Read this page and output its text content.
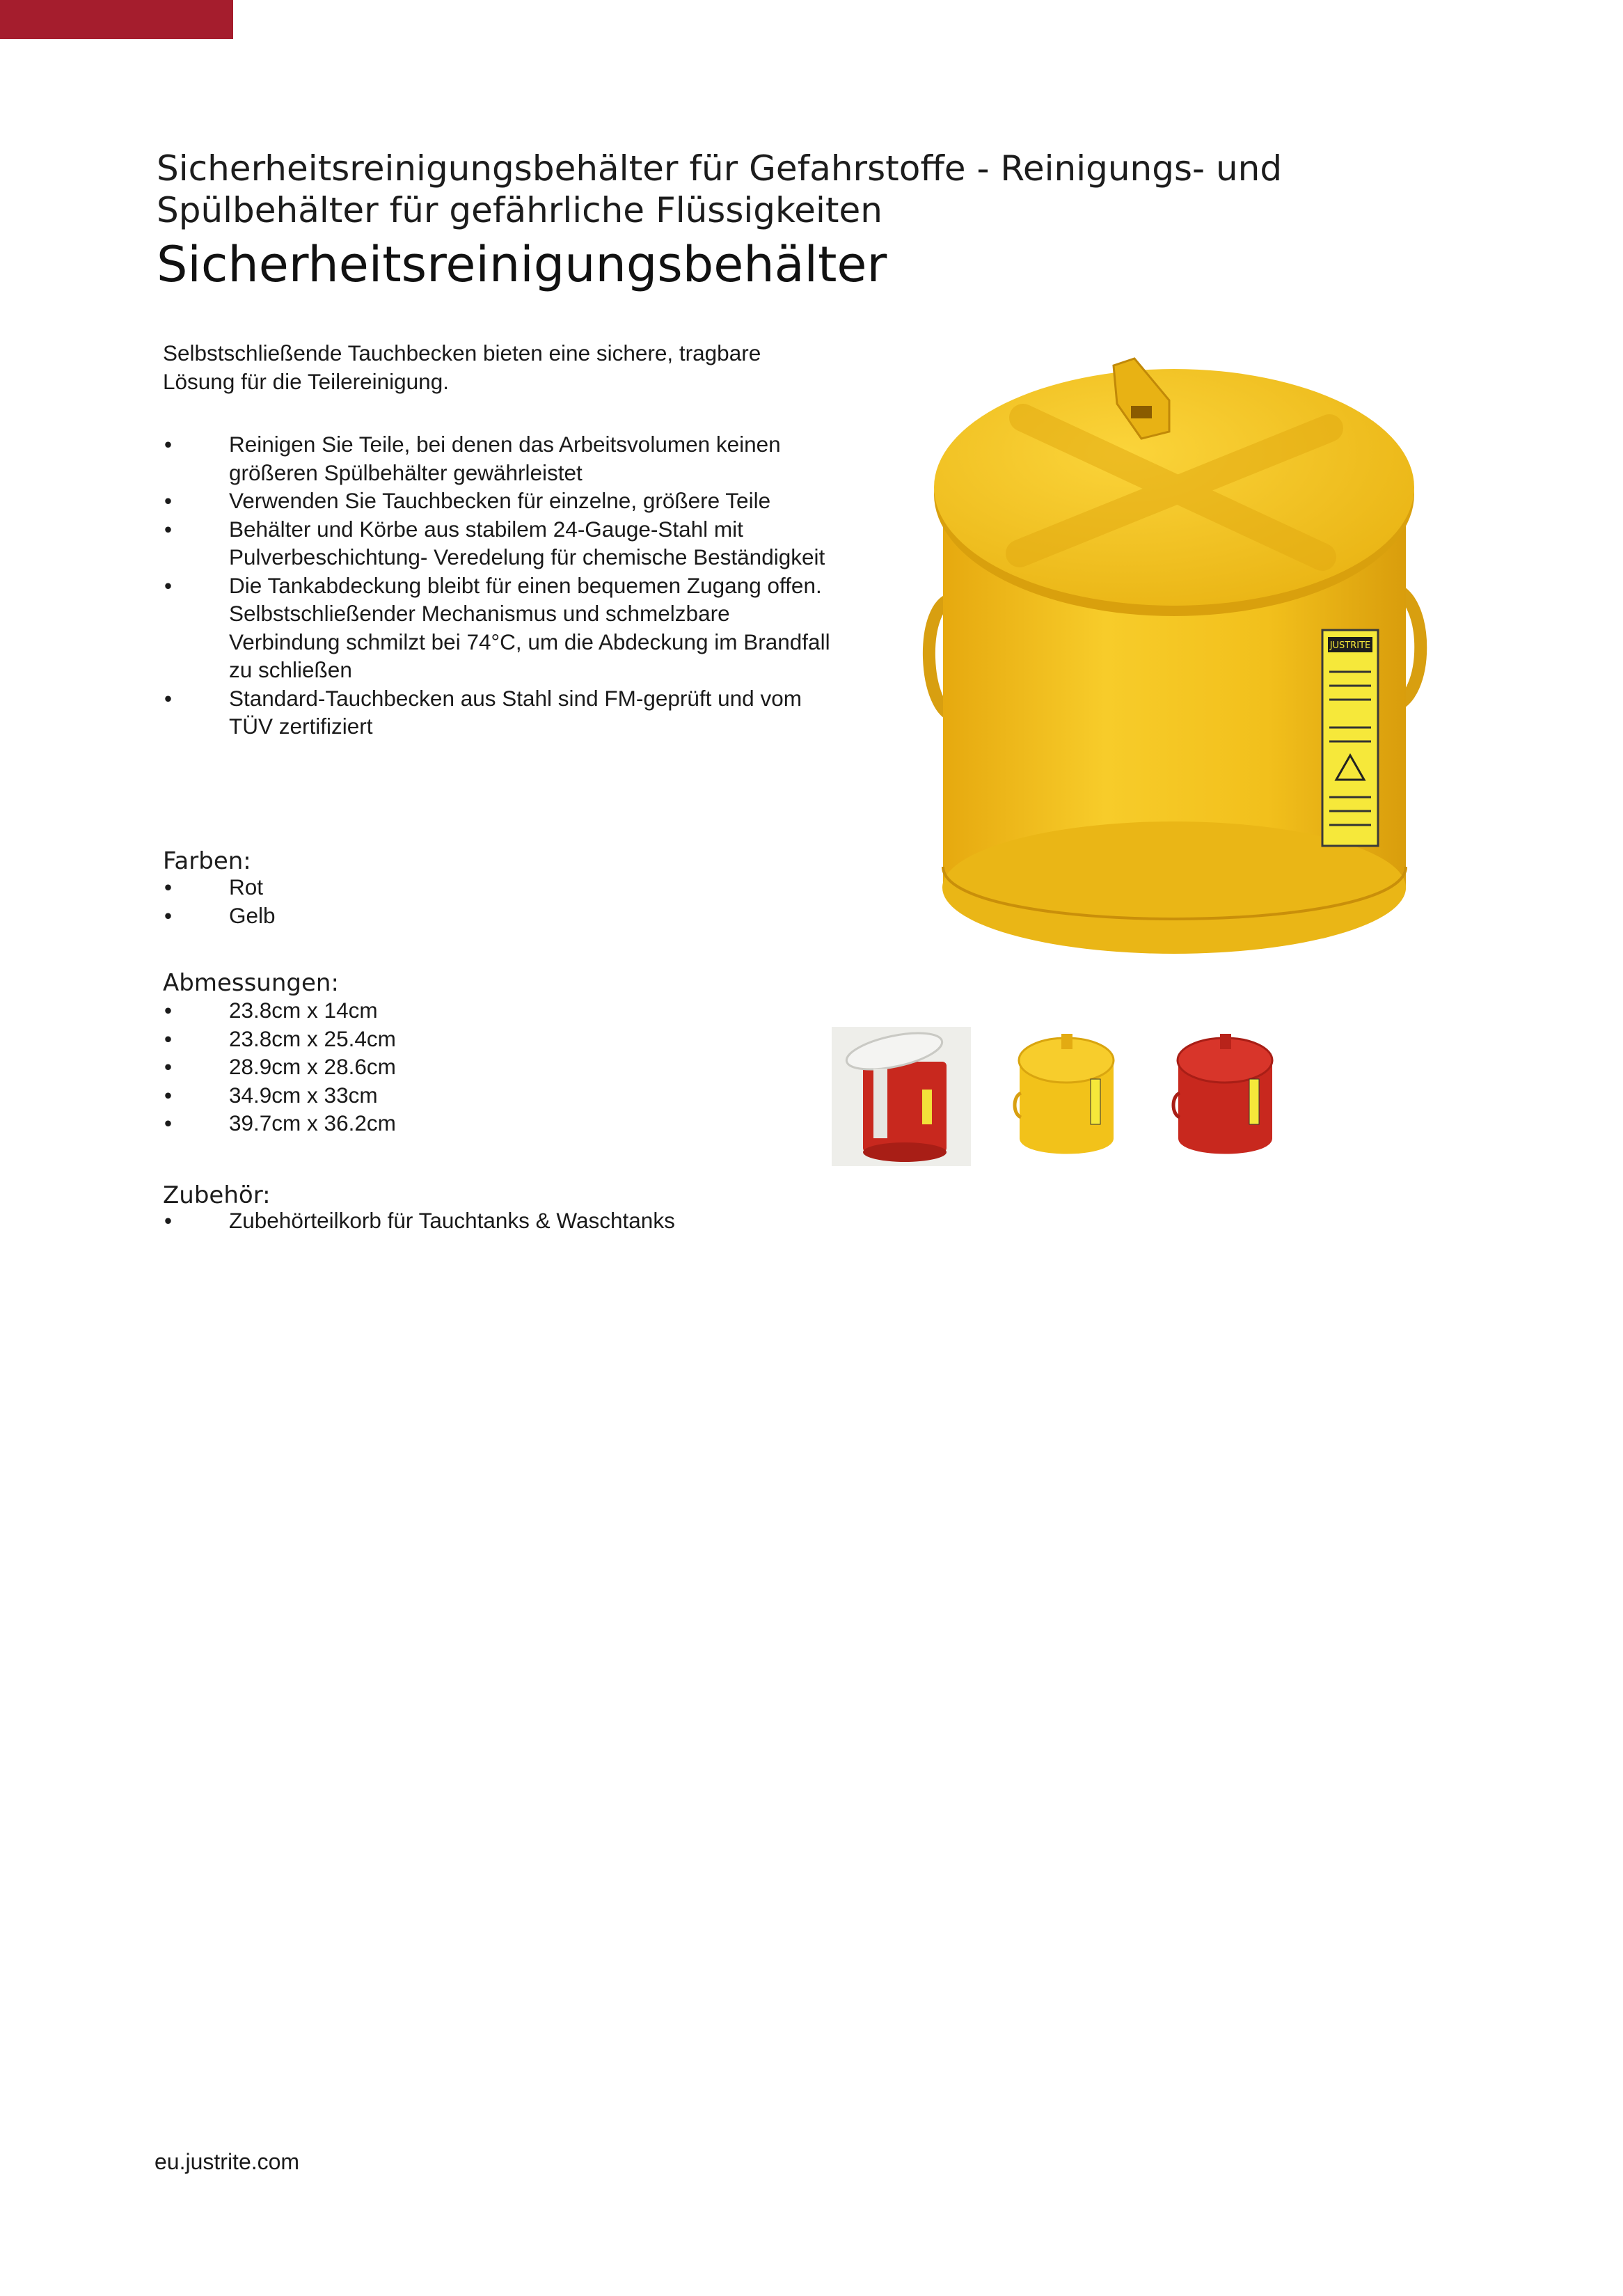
Sicherheitsreinigungsbehälter für Gefahrstoffe - Reinigungs- und Spülbehälter für gefährliche Flüssigkeiten
Sicherheitsreinigungsbehälter

Selbstschließende Tauchbecken bieten eine sichere, tragbare Lösung für die Teilereinigung.

• Reinigen Sie Teile, bei denen das Arbeitsvolumen keinen größeren Spülbehälter gewährleistet
• Verwenden Sie Tauchbecken für einzelne, größere Teile
• Behälter und Körbe aus stabilem 24-Gauge-Stahl mit Pulverbeschichtung- Veredelung für chemische Beständigkeit
• Die Tankabdeckung bleibt für einen bequemen Zugang offen. Selbstschließender Mechanismus und schmelzbare Verbindung schmilzt bei 74°C, um die Abdeckung im Brandfall zu schließen
• Standard-Tauchbecken aus Stahl sind FM-geprüft und vom TÜV zertifiziert
Farben:
• Rot
• Gelb
Abmessungen:
• 23.8cm x 14cm
• 23.8cm x 25.4cm
• 28.9cm x 28.6cm
• 34.9cm x 33cm
• 39.7cm x 36.2cm
Zubehör:
• Zubehörteilkorb für Tauchtanks & Waschtanks
JUSTRITE
eu.justrite.com
